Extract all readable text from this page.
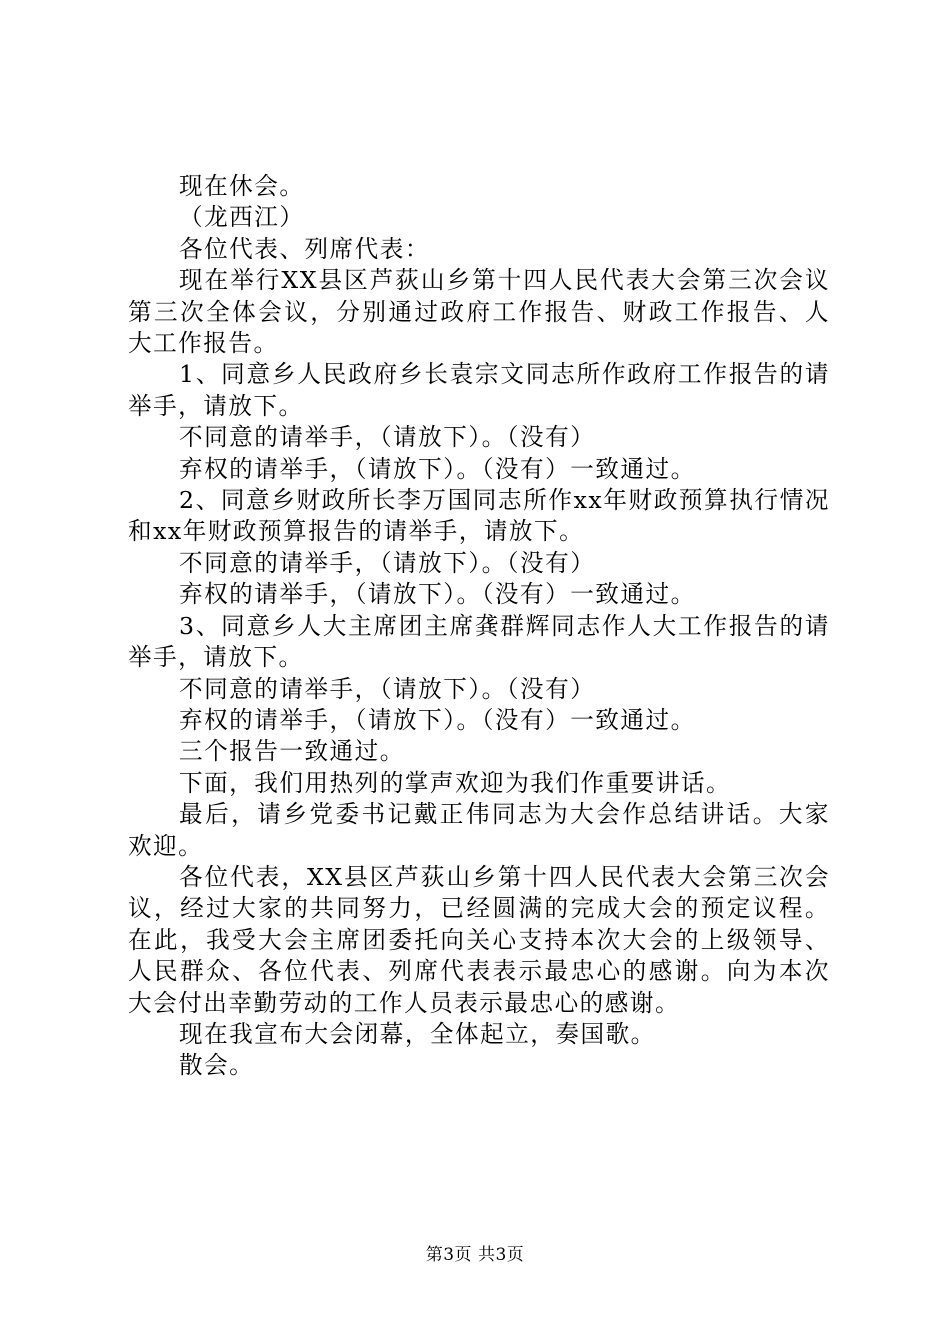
现在休会。

（龙西江）

各位代表、列席代表：

现在举行XX县区芦荻山乡第十四人民代表大会第三次会议第三次全体会议，分别通过政府工作报告、财政工作报告、人大工作报告。

1、同意乡人民政府乡长袁宗文同志所作政府工作报告的请举手，请放下。

不同意的请举手，（请放下）。（没有）

弃权的请举手，（请放下）。（没有）一致通过。

2、同意乡财政所长李万国同志所作xx年财政预算执行情况和xx年财政预算报告的请举手，请放下。

不同意的请举手，（请放下）。（没有）

弃权的请举手，（请放下）。（没有）一致通过。

3、同意乡人大主席团主席龚群辉同志作人大工作报告的请举手，请放下。

不同意的请举手，（请放下）。（没有）

弃权的请举手，（请放下）。（没有）一致通过。

三个报告一致通过。

下面，我们用热列的掌声欢迎为我们作重要讲话。

最后，请乡党委书记戴正伟同志为大会作总结讲话。大家欢迎。

各位代表，XX县区芦荻山乡第十四人民代表大会第三次会议，经过大家的共同努力，已经圆满的完成大会的预定议程。在此，我受大会主席团委托向关心支持本次大会的上级领导、人民群众、各位代表、列席代表表示最忠心的感谢。向为本次大会付出幸勤劳动的工作人员表示最忠心的感谢。

现在我宣布大会闭幕，全体起立，奏国歌。

散会。

第3页 共3页
